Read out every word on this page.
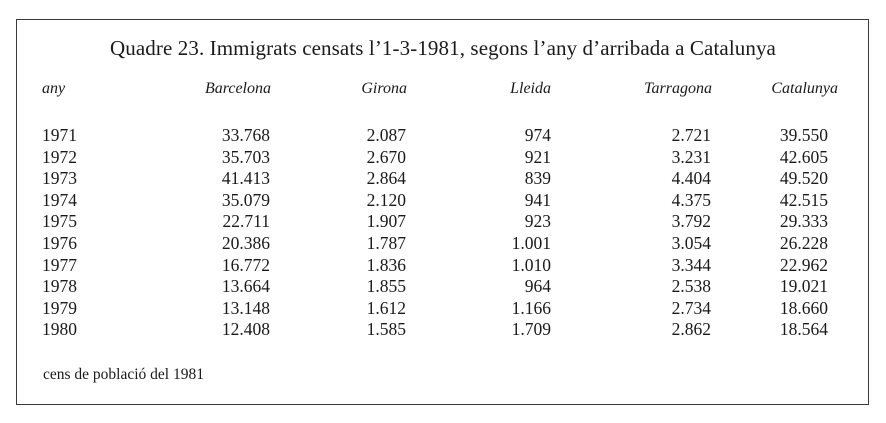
Quadre 23. Immigrats censats l’1-3-1981, segons l’any d’arribada a Catalunya
any	Barcelona	Girona	Lleida	Tarragona	Catalunya
1971	33.768	2.087	974	2.721	39.550
1972	35.703	2.670	921	3.231	42.605
1973	41.413	2.864	839	4.404	49.520
1974	35.079	2.120	941	4.375	42.515
1975	22.711	1.907	923	3.792	29.333
1976	20.386	1.787	1.001	3.054	26.228
1977	16.772	1.836	1.010	3.344	22.962
1978	13.664	1.855	964	2.538	19.021
1979	13.148	1.612	1.166	2.734	18.660
1980	12.408	1.585	1.709	2.862	18.564
cens de població del 1981
